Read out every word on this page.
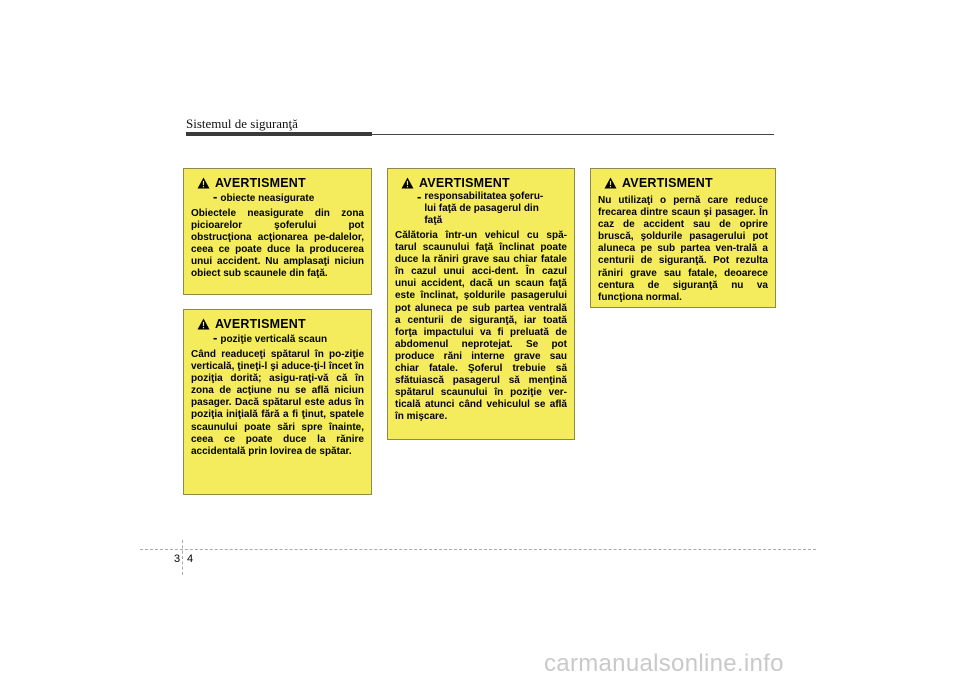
Sistemul de siguranţă
AVERTISMENT
- obiecte neasigurate
Obiectele neasigurate din zona picioarelor şoferului pot obstrucţiona acţionarea pe-dalelor, ceea ce poate duce la producerea unui accident. Nu amplasaţi niciun obiect sub scaunele din faţă.
AVERTISMENT
- poziţie verticală scaun
Când readuceţi spătarul în po-ziţie verticală, ţineţi-l şi aduce-ţi-l încet în poziţia dorită; asigu-raţi-vă că în zona de acţiune nu se află niciun pasager. Dacă spătarul este adus în poziţia iniţială fără a fi ţinut, spatele scaunului poate sări spre înainte, ceea ce poate duce la rănire accidentală prin lovirea de spătar.
AVERTISMENT
- responsabilitatea şoferu-lui faţă de pasagerul din faţă
Călătoria într-un vehicul cu spă-tarul scaunului faţă înclinat poate duce la răniri grave sau chiar fatale în cazul unui acci-dent. În cazul unui accident, dacă un scaun faţă este înclinat, şoldurile pasagerului pot aluneca pe sub partea ventrală a centurii de siguranţă, iar toată forţa impactului va fi preluată de abdomenul neprotejat. Se pot produce răni interne grave sau chiar fatale. Şoferul trebuie să sfătuiască pasagerul să menţină spătarul scaunului în poziţie ver-ticală atunci când vehiculul se află în mişcare.
AVERTISMENT
Nu utilizaţi o pernă care reduce frecarea dintre scaun şi pasager. În caz de accident sau de oprire bruscă, şoldurile pasagerului pot aluneca pe sub partea ven-trală a centurii de siguranţă. Pot rezulta răniri grave sau fatale, deoarece centura de siguranţă nu va funcţiona normal.
3 4
carmanualsonline.info
